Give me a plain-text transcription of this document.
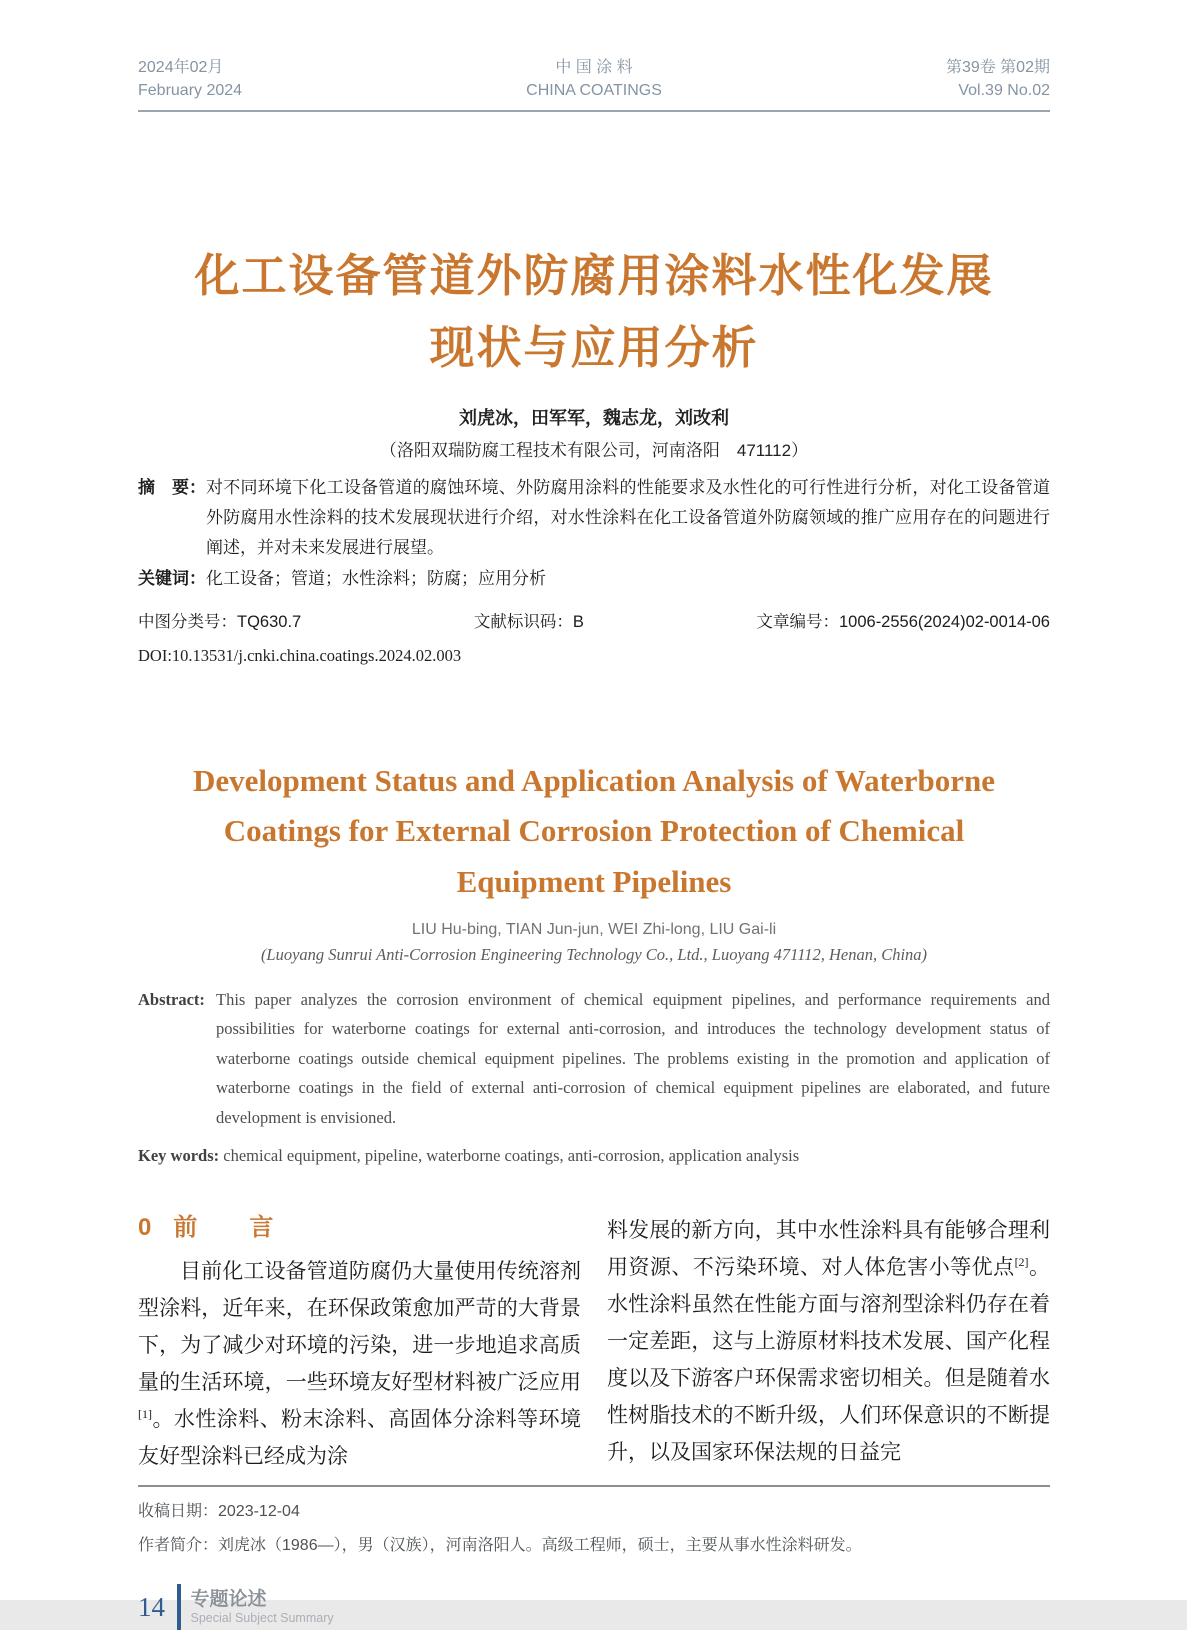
2024年02月
February 2024
中 国 涂 料
CHINA COATINGS
第39卷 第02期
Vol.39 No.02
化工设备管道外防腐用涂料水性化发展
现状与应用分析
刘虎冰，田军军，魏志龙，刘改利
（洛阳双瑞防腐工程技术有限公司，河南洛阳　471112）
摘　要： 对不同环境下化工设备管道的腐蚀环境、外防腐用涂料的性能要求及水性化的可行性进行分析，对化工设备管道外防腐用水性涂料的技术发展现状进行介绍，对水性涂料在化工设备管道外防腐领域的推广应用存在的问题进行阐述，并对未来发展进行展望。
关键词：化工设备；管道；水性涂料；防腐；应用分析
中图分类号：TQ630.7	文献标识码：B	文章编号：1006-2556(2024)02-0014-06
DOI:10.13531/j.cnki.china.coatings.2024.02.003
Development Status and Application Analysis of Waterborne
Coatings for External Corrosion Protection of Chemical
Equipment Pipelines
LIU Hu-bing, TIAN Jun-jun, WEI Zhi-long, LIU Gai-li
(Luoyang Sunrui Anti-Corrosion Engineering Technology Co., Ltd., Luoyang 471112, Henan, China)
Abstract: This paper analyzes the corrosion environment of chemical equipment pipelines, and performance requirements and possibilities for waterborne coatings for external anti-corrosion, and introduces the technology development status of waterborne coatings outside chemical equipment pipelines. The problems existing in the promotion and application of waterborne coatings in the field of external anti-corrosion of chemical equipment pipelines are elaborated, and future development is envisioned.
Key words: chemical equipment, pipeline, waterborne coatings, anti-corrosion, application analysis
0 前　言

目前化工设备管道防腐仍大量使用传统溶剂型涂料，近年来，在环保政策愈加严苛的大背景下，为了减少对环境的污染，进一步地追求高质量的生活环境，一些环境友好型材料被广泛应用[1]。水性涂料、粉末涂料、高固体分涂料等环境友好型涂料已经成为涂

料发展的新方向，其中水性涂料具有能够合理利用资源、不污染环境、对人体危害小等优点[2]。水性涂料虽然在性能方面与溶剂型涂料仍存在着一定差距，这与上游原材料技术发展、国产化程度以及下游客户环保需求密切相关。但是随着水性树脂技术的不断升级，人们环保意识的不断提升，以及国家环保法规的日益完

收稿日期：2023-12-04
作者简介：刘虎冰（1986—），男（汉族），河南洛阳人。高级工程师，硕士，主要从事水性涂料研发。
14 专题论述
Special Subject Summary
